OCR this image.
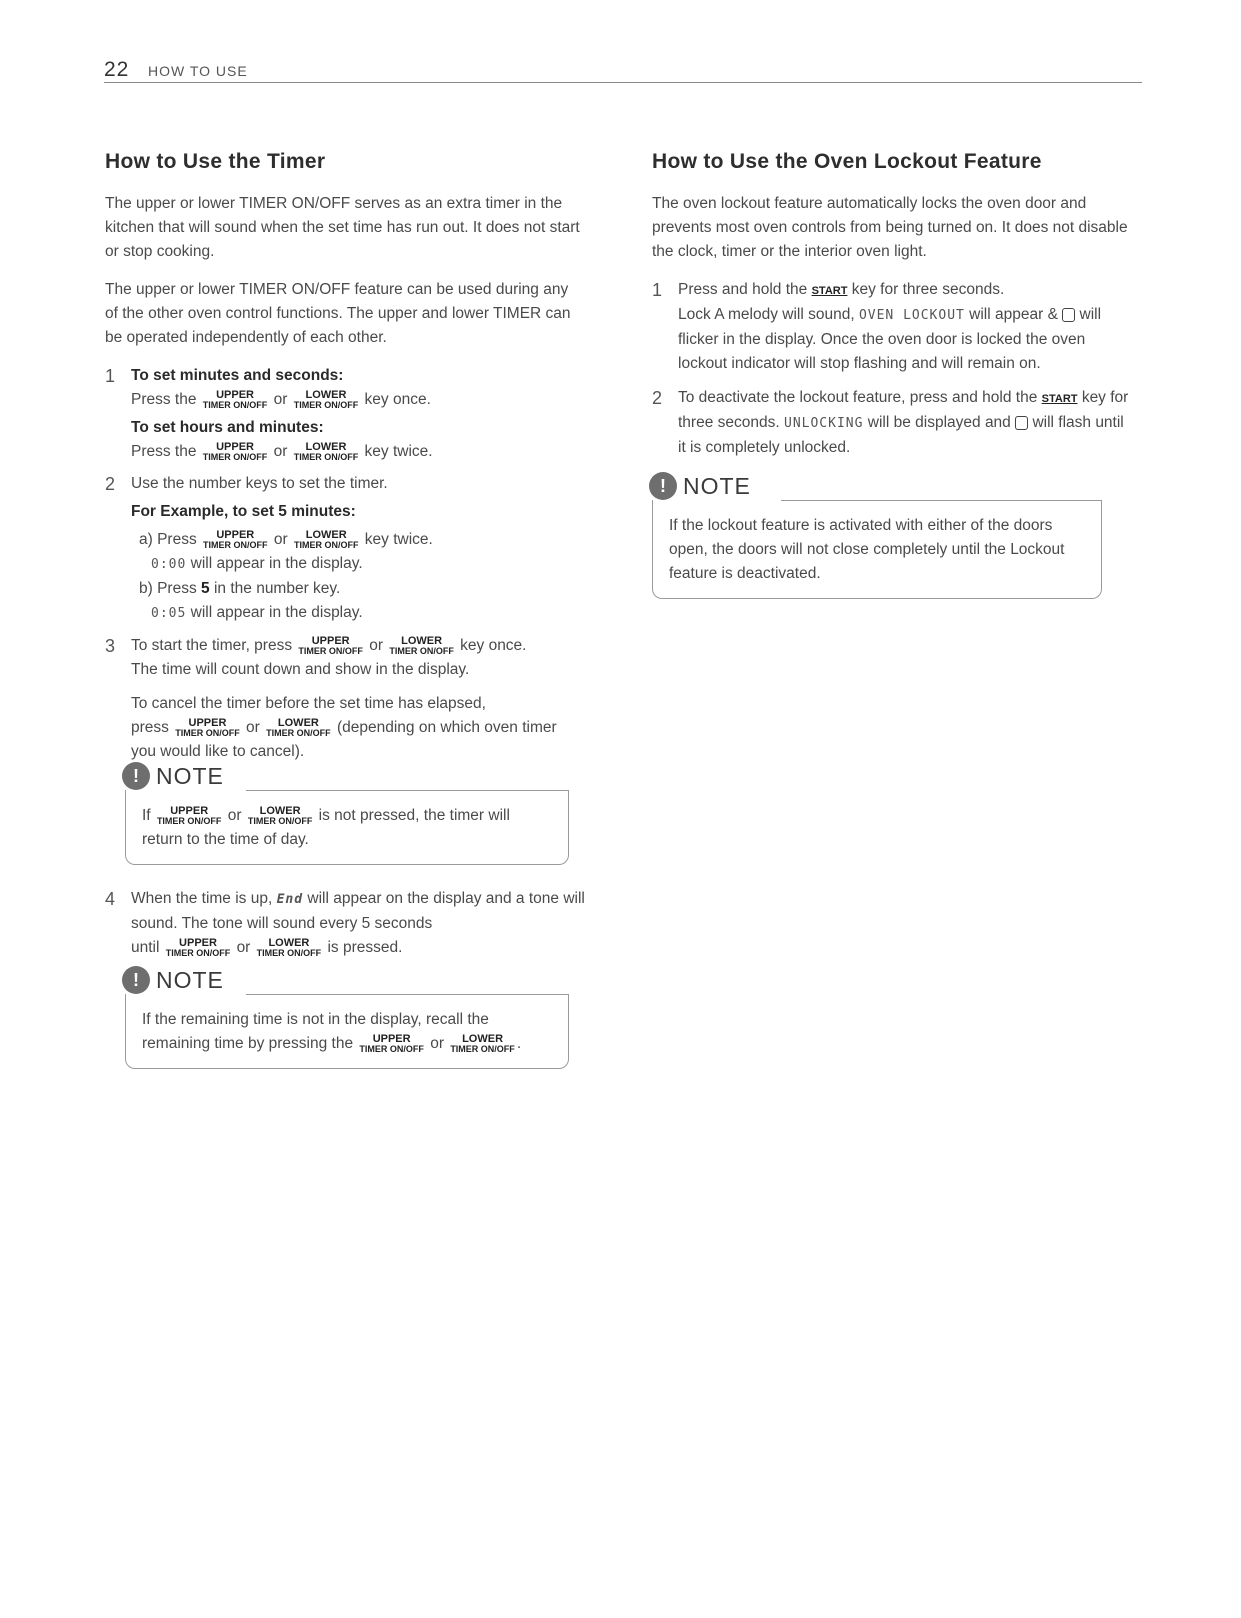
22 HOW TO USE
How to Use the Timer

The upper or lower TIMER ON/OFF serves as an extra timer in the kitchen that will sound when the set time has run out. It does not start or stop cooking.

The upper or lower TIMER ON/OFF feature can be used during any of the other oven control functions. The upper and lower TIMER can be operated independently of each other.

1 To set minutes and seconds:
Press the	UPPER
TIMER ON/OFF or	LOWER
TIMER ON/OFF key once.
To set hours and minutes:
Press the	UPPER
TIMER ON/OFF or	LOWER
TIMER ON/OFF key twice.
2 Use the number keys to set the timer.
For Example, to set 5 minutes:
a) Press	UPPER
TIMER ON/OFF or	LOWER
TIMER ON/OFF key twice.
0:00 will appear in the display.
b) Press 5 in the number key.
0:05 will appear in the display.
3 To start the timer, press	UPPER
TIMER ON/OFF or	LOWER
TIMER ON/OFF key once.
The time will count down and show in the display.
To cancel the timer before the set time has elapsed,
press	UPPER
TIMER ON/OFF or	LOWER
TIMER ON/OFF (depending on which oven timer you would like to cancel).
! NOTE
If	UPPER
TIMER ON/OFF or	LOWER
TIMER ON/OFF is not pressed, the timer will return to the time of day.
4 When the time is up, End will appear on the display and a tone will sound. The tone will sound every 5 seconds
until	UPPER
TIMER ON/OFF or	LOWER
TIMER ON/OFF is pressed.
! NOTE
If the remaining time is not in the display, recall the remaining time by pressing the	UPPER
TIMER ON/OFF or	LOWER
TIMER ON/OFF .
How to Use the Oven Lockout Feature

The oven lockout feature automatically locks the oven door and prevents most oven controls from being turned on. It does not disable the clock, timer or the interior oven light.

1 Press and hold the START key for three seconds.
Lock A melody will sound, OVEN LOCKOUT will appear & will flicker in the display. Once the oven door is locked the oven lockout indicator will stop flashing and will remain on.
2 To deactivate the lockout feature, press and hold the START key for three seconds. UNLOCKING will be displayed and will flash until it is completely unlocked.
! NOTE
If the lockout feature is activated with either of the doors open, the doors will not close completely until the Lockout feature is deactivated.
